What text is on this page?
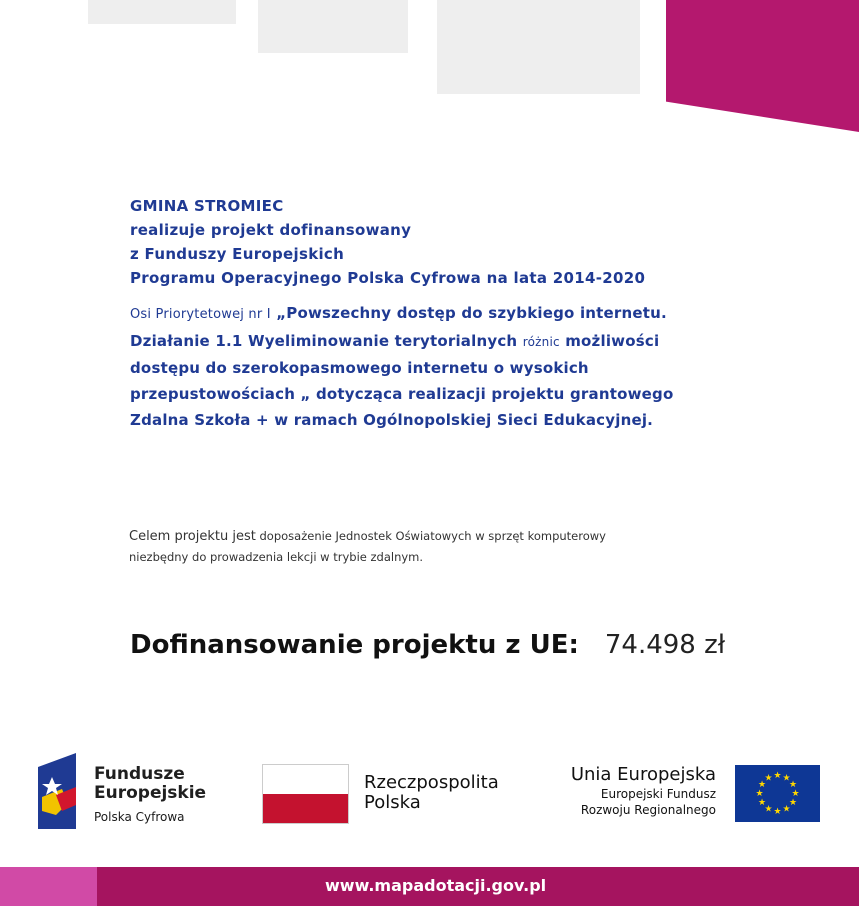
GMINA STROMIEC
realizuje projekt dofinansowany
z Funduszy Europejskich
Programu Operacyjnego Polska Cyfrowa na lata 2014-2020
Osi Priorytetowej nr I „Powszechny dostęp do szybkiego internetu.
Działanie 1.1 Wyeliminowanie terytorialnych różnic możliwości
dostępu do szerokopasmowego internetu o wysokich
przepustowościach „ dotycząca realizacji projektu grantowego
Zdalna Szkoła + w ramach Ogólnopolskiej Sieci Edukacyjnej.
Celem projektu jest doposażenie Jednostek Oświatowych w sprzęt komputerowy
niezbędny do prowadzenia lekcji w trybie zdalnym.
Dofinansowanie projektu z UE: 74.498 zł
Fundusze
Europejskie
Polska Cyfrowa
Rzeczpospolita
Polska
Unia Europejska
Europejski Fundusz
Rozwoju Regionalnego
★ ★
★
★
★
★
★
★
★
★
★
★
www.mapadotacji.gov.pl
